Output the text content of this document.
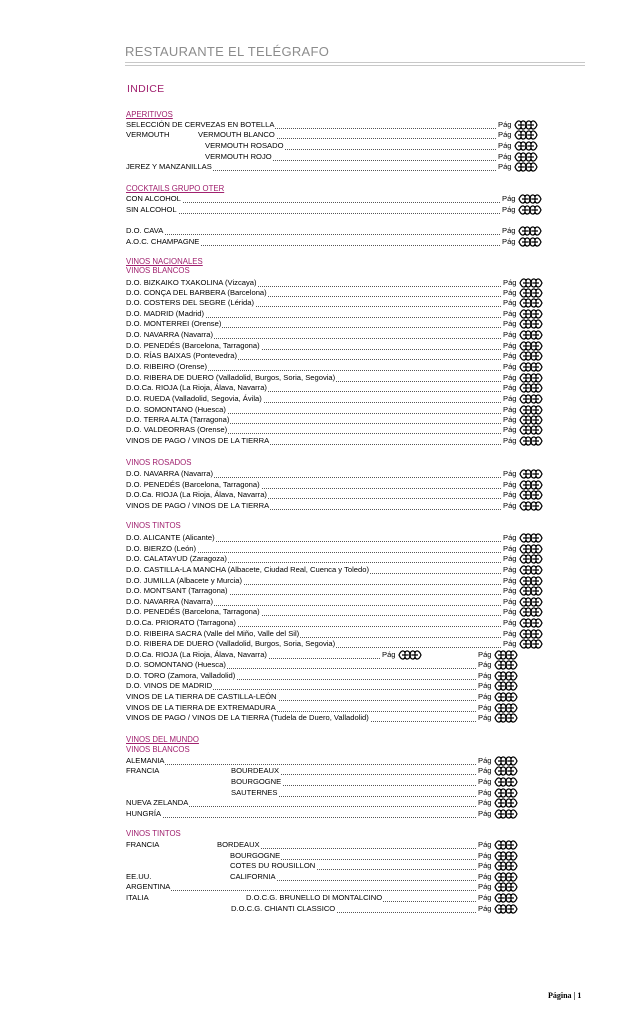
RESTAURANTE EL TELÉGRAFO
INDICE
APERITIVOS
COCKTAILS GRUPO OTER
VINOS NACIONALES
VINOS BLANCOS
VINOS ROSADOS
VINOS TINTOS
VINOS DEL MUNDO
VINOS BLANCOS
VINOS TINTOS
SELECCIÓN DE CERVEZAS EN BOTELLA	Pág
VERMOUTH	VERMOUTH BLANCO	Pág
VERMOUTH ROSADO	Pág
VERMOUTH ROJO	Pág
JEREZ Y MANZANILLAS	Pág
CON ALCOHOL	Pág
SIN ALCOHOL	Pág
D.O. CAVA	Pág
A.O.C. CHAMPAGNE	Pág
D.O. BIZKAIKO TXAKOLINA (Vizcaya)	Pág
D.O. CONÇA DEL BARBERA (Barcelona)	Pág
D.O. COSTERS DEL SEGRE (Lérida)	Pág
D.O. MADRID (Madrid)	Pág
D.O. MONTERREI (Orense)	Pág
D.O. NAVARRA (Navarra)	Pág
D.O. PENEDÉS (Barcelona, Tarragona)	Pág
D.O. RÍAS BAIXAS (Pontevedra)	Pág
D.O. RIBEIRO (Orense)	Pág
D.O. RIBERA DE DUERO (Valladolid, Burgos, Soria, Segovia)	Pág
D.O.Ca. RIOJA (La Rioja, Álava, Navarra)	Pág
D.O. RUEDA (Valladolid, Segovia, Ávila)	Pág
D.O. SOMONTANO (Huesca)	Pág
D.O. TERRA ALTA (Tarragona)	Pág
D.O. VALDEORRAS (Orense)	Pág
VINOS DE PAGO / VINOS DE LA TIERRA	Pág
D.O. NAVARRA (Navarra)	Pág
D.O. PENEDÉS (Barcelona, Tarragona)	Pág
D.O.Ca. RIOJA (La Rioja, Álava, Navarra)	Pág
VINOS DE PAGO / VINOS DE LA TIERRA	Pág
D.O. ALICANTE (Alicante)	Pág
D.O. BIERZO (León)	Pág
D.O. CALATAYUD (Zaragoza)	Pág
D.O. CASTILLA-LA MANCHA (Albacete, Ciudad Real, Cuenca y Toledo)	Pág
D.O. JUMILLA (Albacete y Murcia)	Pág
D.O. MONTSANT (Tarragona)	Pág
D.O. NAVARRA (Navarra)	Pág
D.O. PENEDÉS (Barcelona, Tarragona)	Pág
D.O.Ca. PRIORATO (Tarragona)	Pág
D.O. RIBEIRA SACRA (Valle del Miño, Valle del Sil)	Pág
D.O. RIBERA DE DUERO (Valladolid, Burgos, Soria, Segovia)	Pág
D.O.Ca. RIOJA (La Rioja, Álava, Navarra)	Pág	Pág
D.O. SOMONTANO (Huesca)	Pág
D.O. TORO (Zamora, Valladolid)	Pág
D.O. VINOS DE MADRID	Pág
VINOS DE LA TIERRA DE CASTILLA-LEÓN	Pág
VINOS DE LA TIERRA DE EXTREMADURA	Pág
VINOS DE PAGO / VINOS DE LA TIERRA (Tudela de Duero, Valladolid)	Pág
ALEMANIA	Pág
FRANCIA	BOURDEAUX	Pág
BOURGOGNE	Pág
SAUTERNES	Pág
NUEVA ZELANDA	Pág
HUNGRÍA	Pág
FRANCIA	BORDEAUX	Pág
BOURGOGNE	Pág
COTES DU ROUSILLON	Pág
EE.UU.	CALIFORNIA	Pág
ARGENTINA	Pág
ITALIA	D.O.C.G. BRUNELLO DI MONTALCINO	Pág
D.O.C.G. CHIANTI CLASSICO	Pág
Página | 1
